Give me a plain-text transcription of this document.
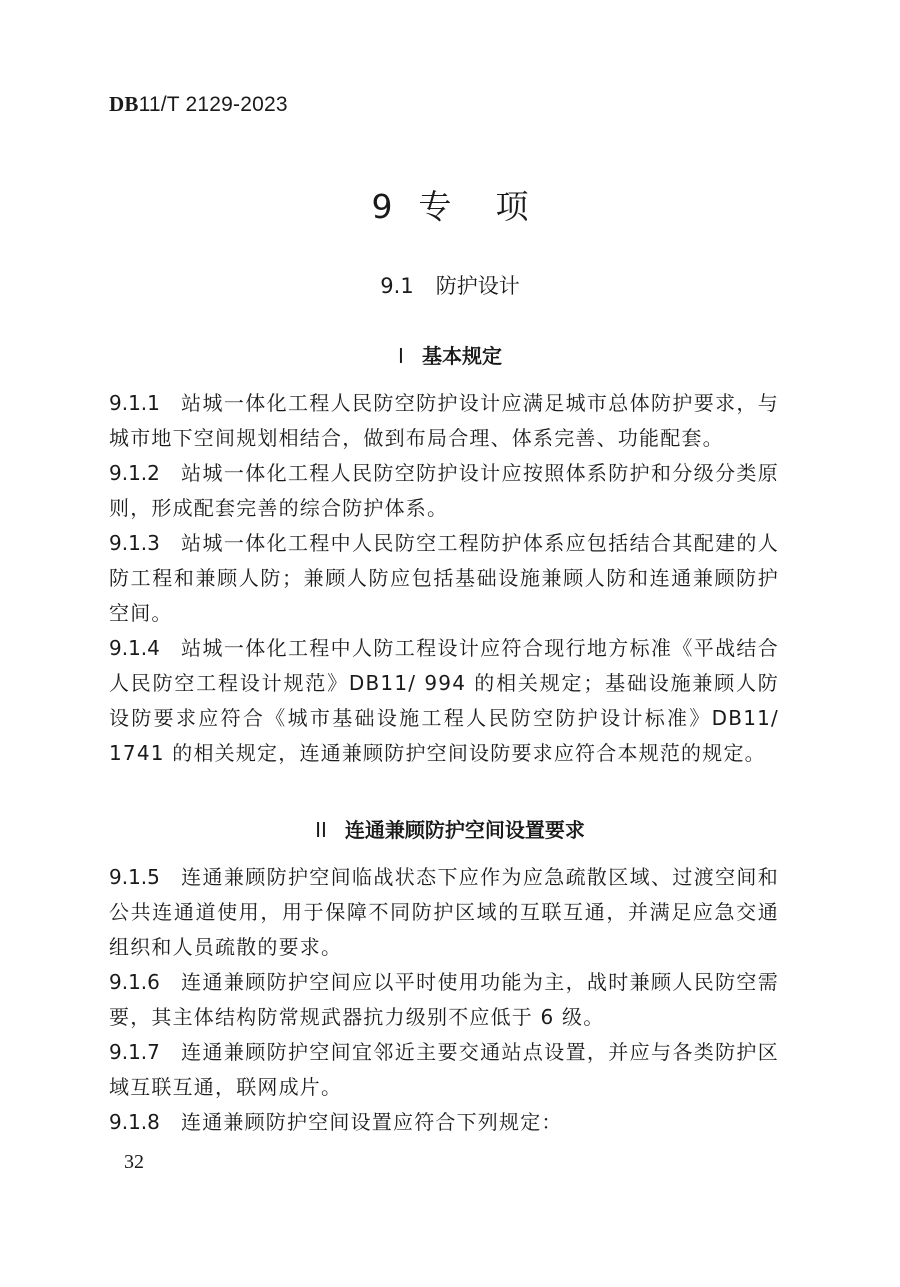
DB11/T 2129-2023
9 专 项
9.1 防护设计
I 基本规定

9.1.1 站城一体化工程人民防空防护设计应满足城市总体防护要求，与城市地下空间规划相结合，做到布局合理、体系完善、功能配套。

9.1.2 站城一体化工程人民防空防护设计应按照体系防护和分级分类原则，形成配套完善的综合防护体系。

9.1.3 站城一体化工程中人民防空工程防护体系应包括结合其配建的人防工程和兼顾人防；兼顾人防应包括基础设施兼顾人防和连通兼顾防护空间。

9.1.4 站城一体化工程中人防工程设计应符合现行地方标准《平战结合人民防空工程设计规范》DB11/ 994 的相关规定；基础设施兼顾人防设防要求应符合《城市基础设施工程人民防空防护设计标准》DB11/ 1741 的相关规定，连通兼顾防护空间设防要求应符合本规范的规定。

II 连通兼顾防护空间设置要求

9.1.5 连通兼顾防护空间临战状态下应作为应急疏散区域、过渡空间和公共连通道使用，用于保障不同防护区域的互联互通，并满足应急交通组织和人员疏散的要求。

9.1.6 连通兼顾防护空间应以平时使用功能为主，战时兼顾人民防空需要，其主体结构防常规武器抗力级别不应低于 6 级。

9.1.7 连通兼顾防护空间宜邻近主要交通站点设置，并应与各类防护区域互联互通，联网成片。

9.1.8 连通兼顾防护空间设置应符合下列规定：

32
